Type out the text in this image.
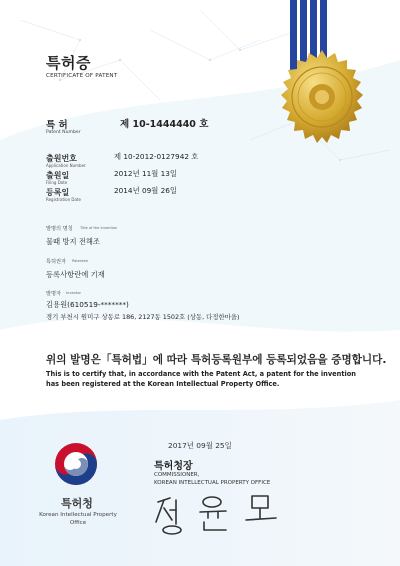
특허증
CERTIFICATE OF PATENT
특 허
Patent Number
제 10-1444440 호
출원번호
Application Number
제 10-2012-0127942 호
출원일
Filing Date
2012년 11월 13일
등록일
Registration Date
2014년 09월 26일
발명의 명칭 Title of the Invention
물때 방지 전해조
특허권자 Patentee
등록사항란에 기재
발명자 Inventor
김용원(610519-*******)
경기 부천시 원미구 상동로 186, 2127동 1502호 (상동, 다정한마을)
위의 발명은「특허법」에 따라 특허등록원부에 등록되었음을 증명합니다.
This is to certify that, in accordance with the Patent Act, a patent for the invention has been registered at the Korean Intellectual Property Office.
2017년 09월 25일
특허청장
COMMISSIONER,
KOREAN INTELLECTUAL PROPERTY OFFICE
특허청
Korean Intellectual Property Office
